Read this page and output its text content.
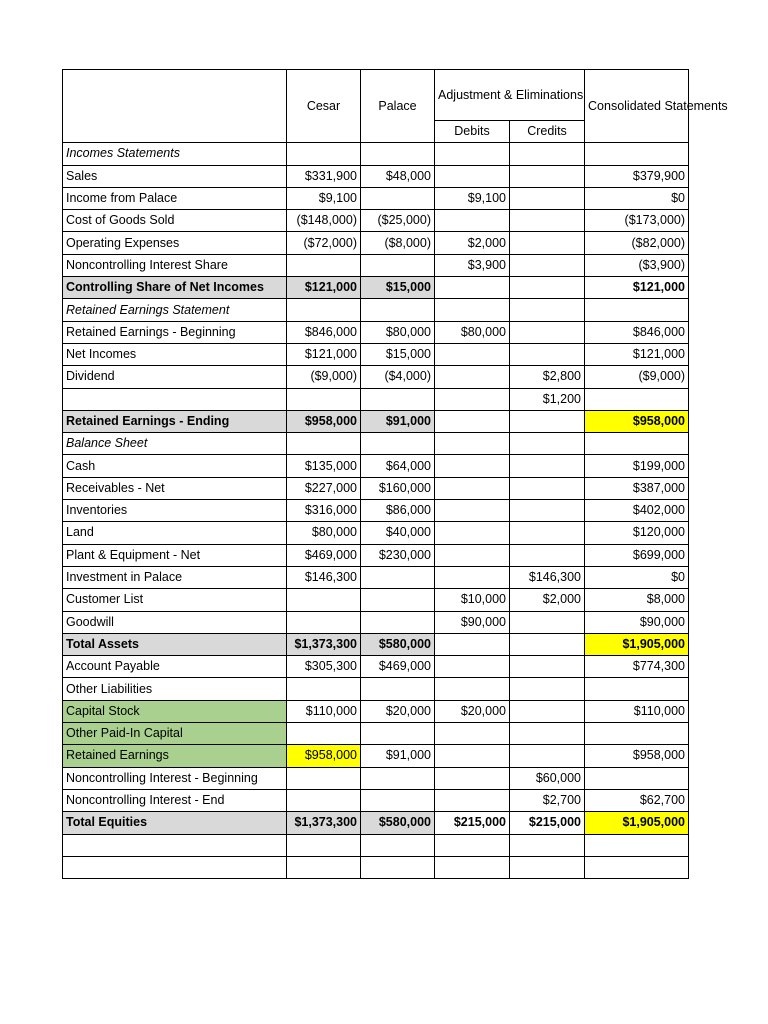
	Cesar	Palace	Adjustment & Eliminations		Consolidated Statements
			Debits	Credits	
Incomes Statements					
Sales	$331,900	$48,000			$379,900
Income from Palace	$9,100		$9,100		$0
Cost of Goods Sold	($148,000)	($25,000)			($173,000)
Operating Expenses	($72,000)	($8,000)	$2,000		($82,000)
Noncontrolling Interest Share			$3,900		($3,900)
Controlling Share of Net Incomes	$121,000	$15,000			$121,000
Retained Earnings Statement					
Retained Earnings - Beginning	$846,000	$80,000	$80,000		$846,000
Net Incomes	$121,000	$15,000			$121,000
Dividend	($9,000)	($4,000)		$2,800	($9,000)
				$1,200	
Retained Earnings - Ending	$958,000	$91,000			$958,000
Balance Sheet					
Cash	$135,000	$64,000			$199,000
Receivables - Net	$227,000	$160,000			$387,000
Inventories	$316,000	$86,000			$402,000
Land	$80,000	$40,000			$120,000
Plant & Equipment - Net	$469,000	$230,000			$699,000
Investment in Palace	$146,300			$146,300	$0
Customer List			$10,000	$2,000	$8,000
Goodwill			$90,000		$90,000
Total Assets	$1,373,300	$580,000			$1,905,000
Account Payable	$305,300	$469,000			$774,300
Other Liabilities					
Capital Stock	$110,000	$20,000	$20,000		$110,000
Other Paid-In Capital					
Retained Earnings	$958,000	$91,000			$958,000
Noncontrolling Interest - Beginning				$60,000	
Noncontrolling Interest - End				$2,700	$62,700
Total Equities	$1,373,300	$580,000	$215,000	$215,000	$1,905,000
